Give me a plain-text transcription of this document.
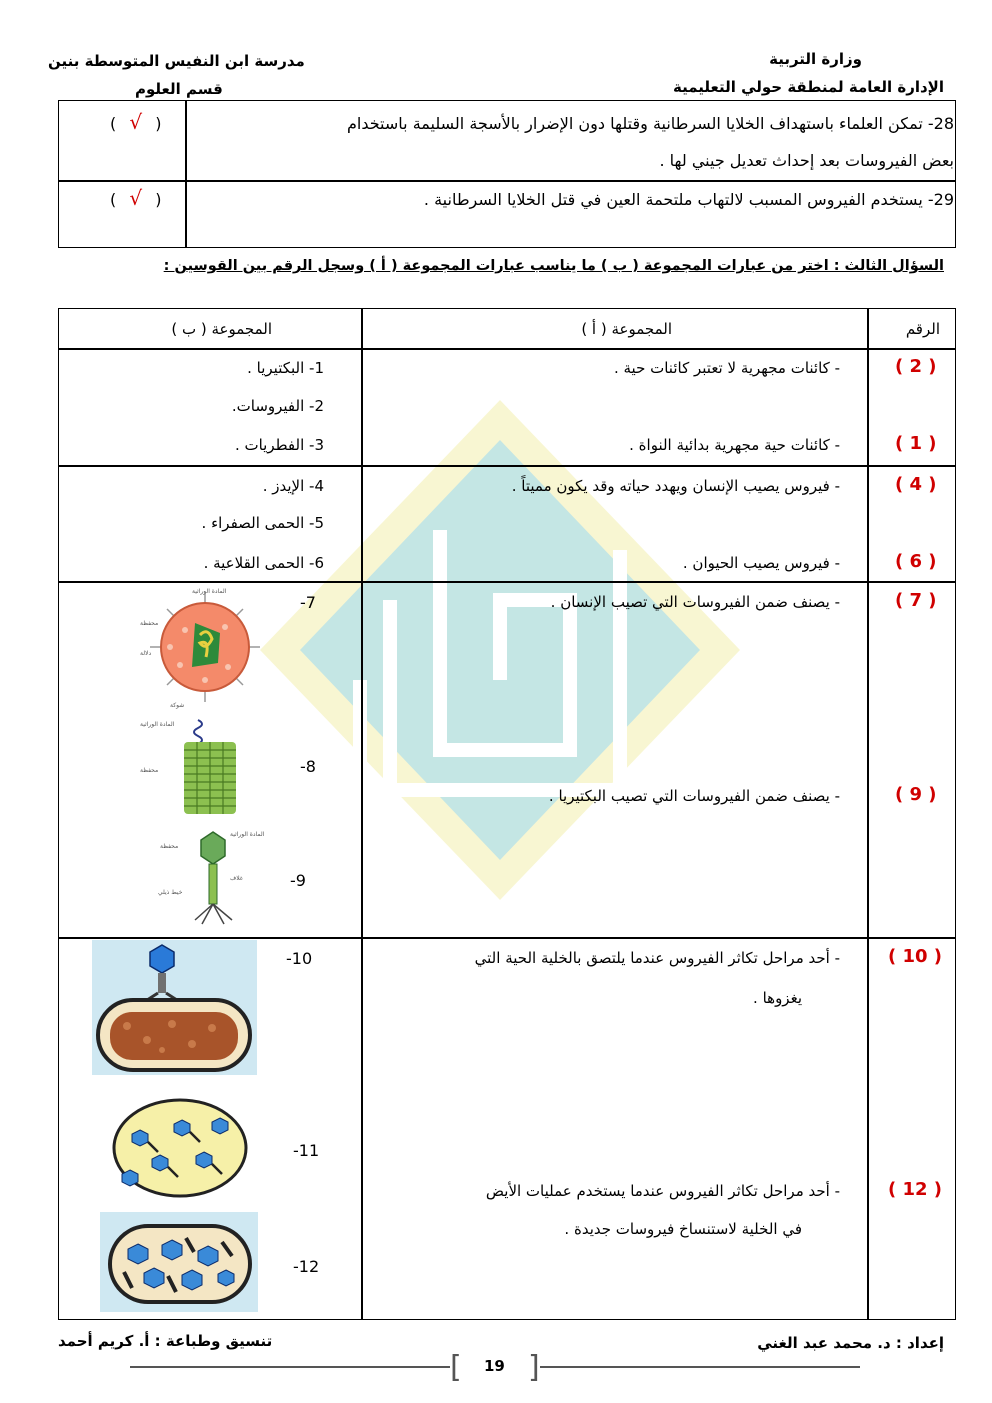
وزارة التربية
الإدارة العامة لمنطقة حولي التعليمية
مدرسة ابن النفيس المتوسطة بنين
قسم العلوم
28- تمكن العلماء باستهداف الخلايا السرطانية وقتلها دون الإضرار بالأسجة السليمة باستخدام
بعض الفيروسات بعد إحداث تعديل جيني لها .
29- يستخدم الفيروس المسبب لالتهاب ملتحمة العين في قتل الخلايا السرطانية .
( √ )
( √ )
السؤال الثالث : اختر من عبارات المجموعة ( ب ) ما يناسب عبارات المجموعة ( أ ) وسجل الرقم بين القوسين :
الرقم
المجموعة ( أ )
المجموعة ( ب )
( 2 )
( 1 )
( 4 )
( 6 )
( 7 )
( 9 )
( 10 )
( 12 )
- كائنات مجهرية لا تعتبر كائنات حية .
- كائنات حية مجهرية بدائية النواة .
- فيروس يصيب الإنسان ويهدد حياته وقد يكون مميتاً .
- فيروس يصيب الحيوان .
- يصنف ضمن الفيروسات التي تصيب الإنسان .
- يصنف ضمن الفيروسات التي تصيب البكتيريا .
- أحد مراحل تكاثر الفيروس عندما يلتصق بالخلية الحية التي
يغزوها .
- أحد مراحل تكاثر الفيروس عندما يستخدم عمليات الأيض
في الخلية لاستنساخ فيروسات جديدة .
1- البكتيريا .
2- الفيروسات.
3- الفطريات .
4- الإيدز .
5- الحمى الصفراء .
6- الحمى القلاعية .
-7
-8
-9
-10
-11
-12
المادة الوراثية
محفظة
دلالة
شوكة
المادة الوراثية
محفظة
المادة الوراثية
محفظة
غلاف
خيط ذيلي
إعداد : د. محمد عبد الغني
تنسيق وطباعة : أ. كريم أحمد
[ ]
19
